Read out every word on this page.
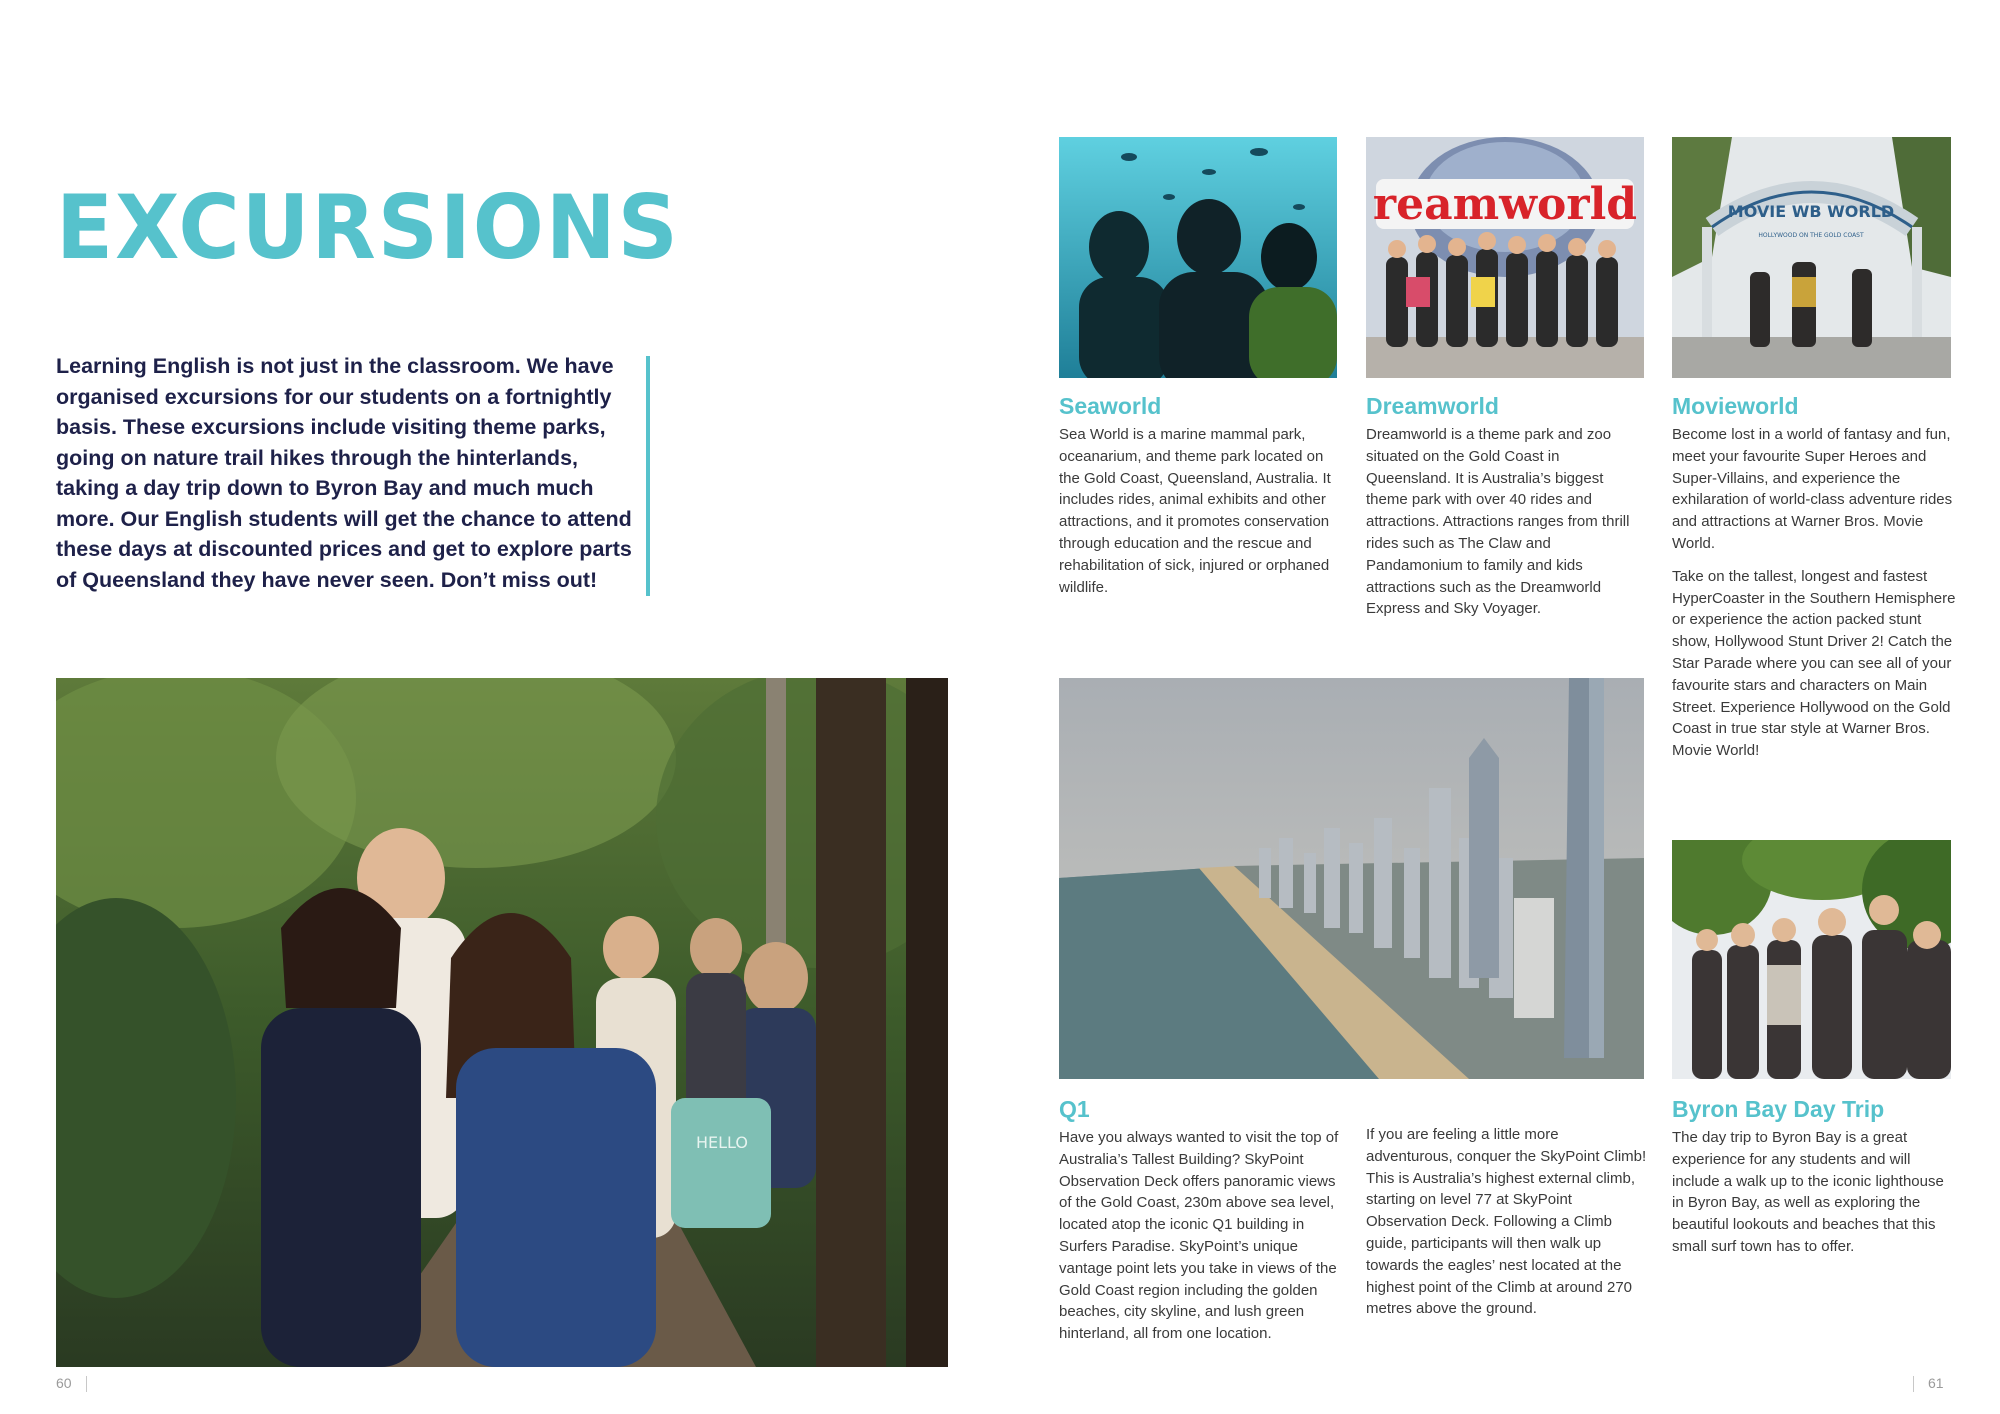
EXCURSIONS
Learning English is not just in the classroom. We have organised excursions for our students on a fortnightly basis. These excursions include visiting theme parks, going on nature trail hikes through the hinterlands, taking a day trip down to Byron Bay and much much more. Our English students will get the chance to attend these days at discounted prices and get to explore parts of Queensland they have never seen. Don’t miss out!
HELLO
reamworld	MOVIE WB WORLD
HOLLYWOOD ON THE GOLD COAST
Seaworld
Sea World is a marine mammal park, oceanarium, and theme park located on the Gold Coast, Queensland, Australia. It includes rides, animal exhibits and other attractions, and it promotes conservation through education and the rescue and rehabilitation of sick, injured or orphaned wildlife.
Dreamworld
Dreamworld is a theme park and zoo situated on the Gold Coast in Queensland. It is Australia’s biggest theme park with over 40 rides and attractions. Attractions ranges from thrill rides such as The Claw and Pandamonium to family and kids attractions such as the Dreamworld Express and Sky Voyager.
Movieworld

Become lost in a world of fantasy and fun, meet your favourite Super Heroes and Super-Villains, and experience the exhilaration of world-class adventure rides and attractions at Warner Bros. Movie World.

Take on the tallest, longest and fastest HyperCoaster in the Southern Hemisphere or experience the action packed stunt show, Hollywood Stunt Driver 2! Catch the Star Parade where you can see all of your favourite stars and characters on Main Street. Experience Hollywood on the Gold Coast in true star style at Warner Bros. Movie World!

Q1
Have you always wanted to visit the top of Australia’s Tallest Building? SkyPoint Observation Deck offers panoramic views of the Gold Coast, 230m above sea level, located atop the iconic Q1 building in Surfers Paradise. SkyPoint’s unique vantage point lets you take in views of the Gold Coast region including the golden beaches, city skyline, and lush green hinterland, all from one location.
If you are feeling a little more adventurous, conquer the SkyPoint Climb! This is Australia’s highest external climb, starting on level 77 at SkyPoint Observation Deck. Following a Climb guide, participants will then walk up towards the eagles’ nest located at the highest point of the Climb at around 270 metres above the ground.
Byron Bay Day Trip
The day trip to Byron Bay is a great experience for any students and will include a walk up to the iconic lighthouse in Byron Bay, as well as exploring the beautiful lookouts and beaches that this small surf town has to offer.
60	61
